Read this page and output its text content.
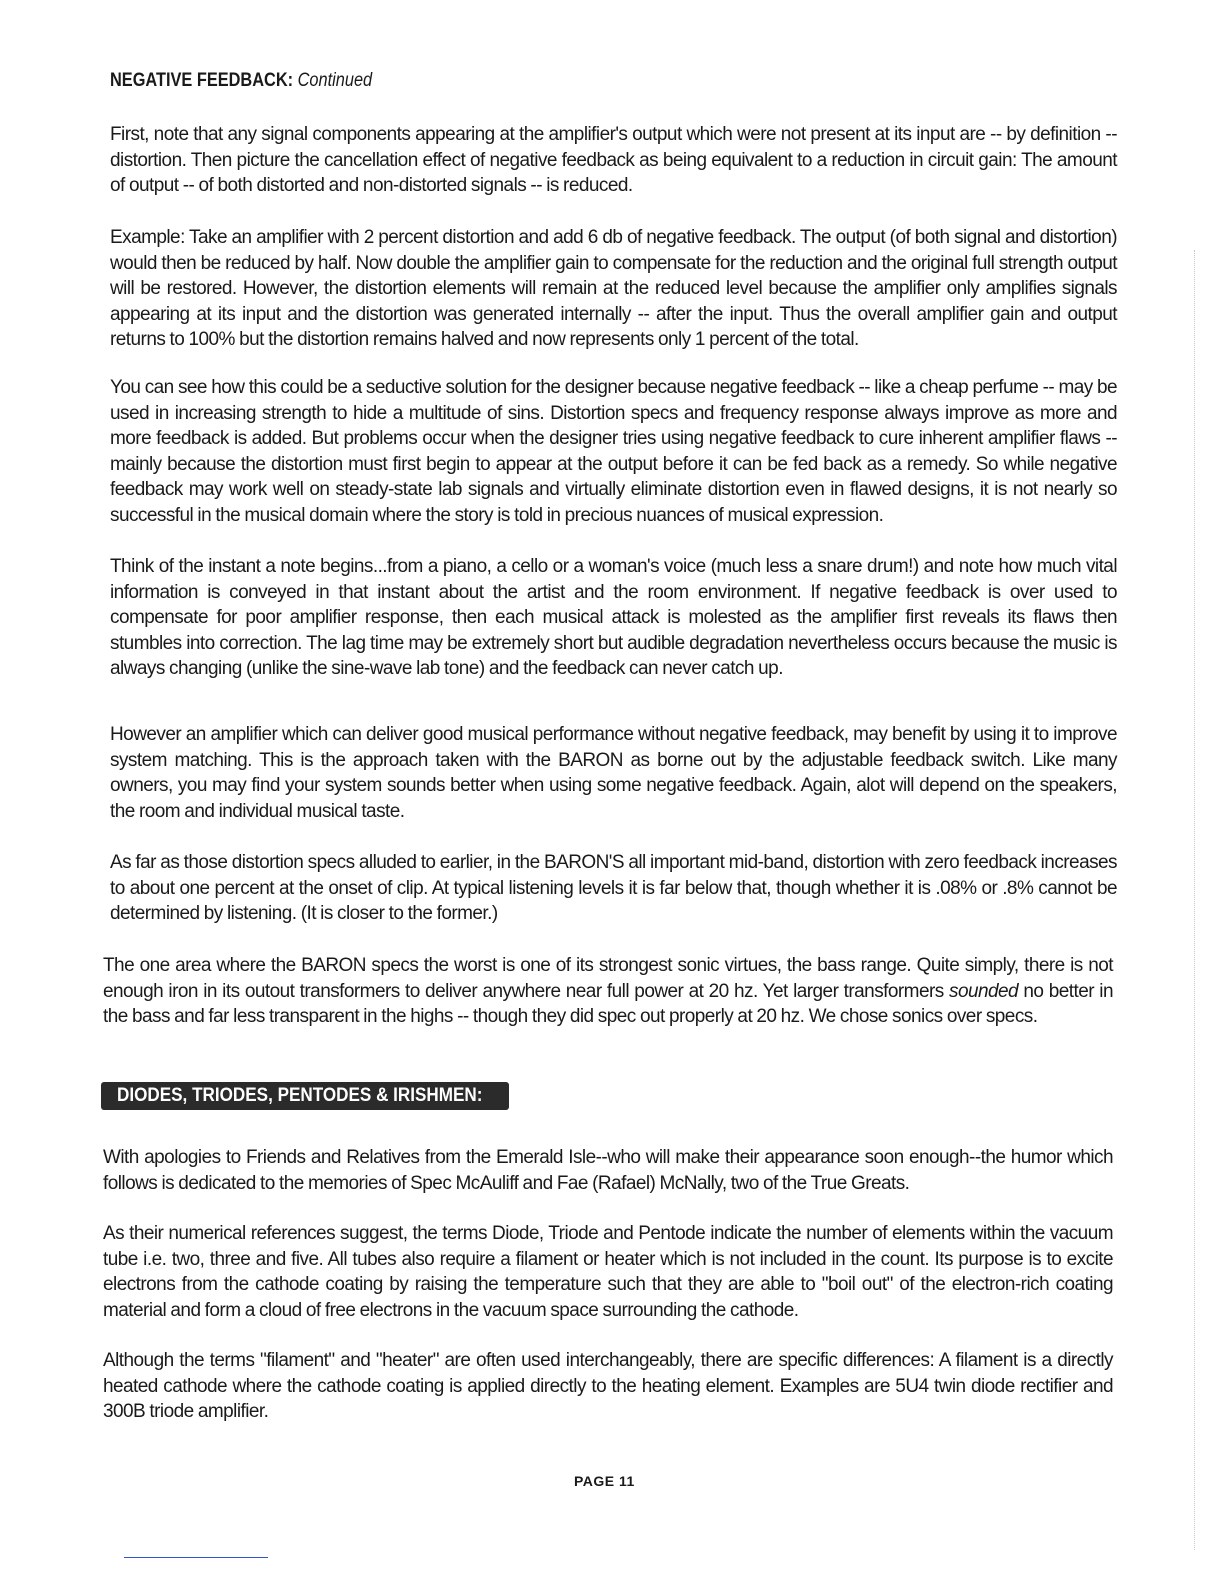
NEGATIVE FEEDBACK: Continued

First, note that any signal components appearing at the amplifier's output which were not present at its input are -- by definition -- distortion. Then picture the cancellation effect of negative feedback as being equivalent to a reduction in circuit gain: The amount of output -- of both distorted and non-distorted signals -- is reduced.

Example: Take an amplifier with 2 percent distortion and add 6 db of negative feedback. The output (of both signal and distortion) would then be reduced by half. Now double the amplifier gain to compensate for the reduction and the original full strength output will be restored. However, the distortion elements will remain at the reduced level because the amplifier only amplifies signals appearing at its input and the distortion was generated internally -- after the input. Thus the overall amplifier gain and output returns to 100% but the distortion remains halved and now represents only 1 percent of the total.

You can see how this could be a seductive solution for the designer because negative feedback -- like a cheap perfume -- may be used in increasing strength to hide a multitude of sins. Distortion specs and frequency response always improve as more and more feedback is added. But problems occur when the designer tries using negative feedback to cure inherent amplifier flaws -- mainly because the distortion must first begin to appear at the output before it can be fed back as a remedy. So while negative feedback may work well on steady-state lab signals and virtually eliminate distortion even in flawed designs, it is not nearly so successful in the musical domain where the story is told in precious nuances of musical expression.

Think of the instant a note begins...from a piano, a cello or a woman's voice (much less a snare drum!) and note how much vital information is conveyed in that instant about the artist and the room environment. If negative feedback is over used to compensate for poor amplifier response, then each musical attack is molested as the amplifier first reveals its flaws then stumbles into correction. The lag time may be extremely short but audible degradation nevertheless occurs because the music is always changing (unlike the sine-wave lab tone) and the feedback can never catch up.

However an amplifier which can deliver good musical performance without negative feedback, may benefit by using it to improve system matching. This is the approach taken with the BARON as borne out by the adjustable feedback switch. Like many owners, you may find your system sounds better when using some negative feedback. Again, alot will depend on the speakers, the room and individual musical taste.

As far as those distortion specs alluded to earlier, in the BARON'S all important mid-band, distortion with zero feedback increases to about one percent at the onset of clip. At typical listening levels it is far below that, though whether it is .08% or .8% cannot be determined by listening. (It is closer to the former.)

The one area where the BARON specs the worst is one of its strongest sonic virtues, the bass range. Quite simply, there is not enough iron in its outout transformers to deliver anywhere near full power at 20 hz. Yet larger transformers sounded no better in the bass and far less transparent in the highs -- though they did spec out properly at 20 hz. We chose sonics over specs.

DIODES, TRIODES, PENTODES & IRISHMEN:

With apologies to Friends and Relatives from the Emerald Isle--who will make their appearance soon enough--the humor which follows is dedicated to the memories of Spec McAuliff and Fae (Rafael) McNally, two of the True Greats.

As their numerical references suggest, the terms Diode, Triode and Pentode indicate the number of elements within the vacuum tube i.e. two, three and five. All tubes also require a filament or heater which is not included in the count. Its purpose is to excite electrons from the cathode coating by raising the temperature such that they are able to "boil out" of the electron-rich coating material and form a cloud of free electrons in the vacuum space surrounding the cathode.

Although the terms "filament" and "heater" are often used interchangeably, there are specific differences: A filament is a directly heated cathode where the cathode coating is applied directly to the heating element. Examples are 5U4 twin diode rectifier and 300B triode amplifier.

PAGE 11
